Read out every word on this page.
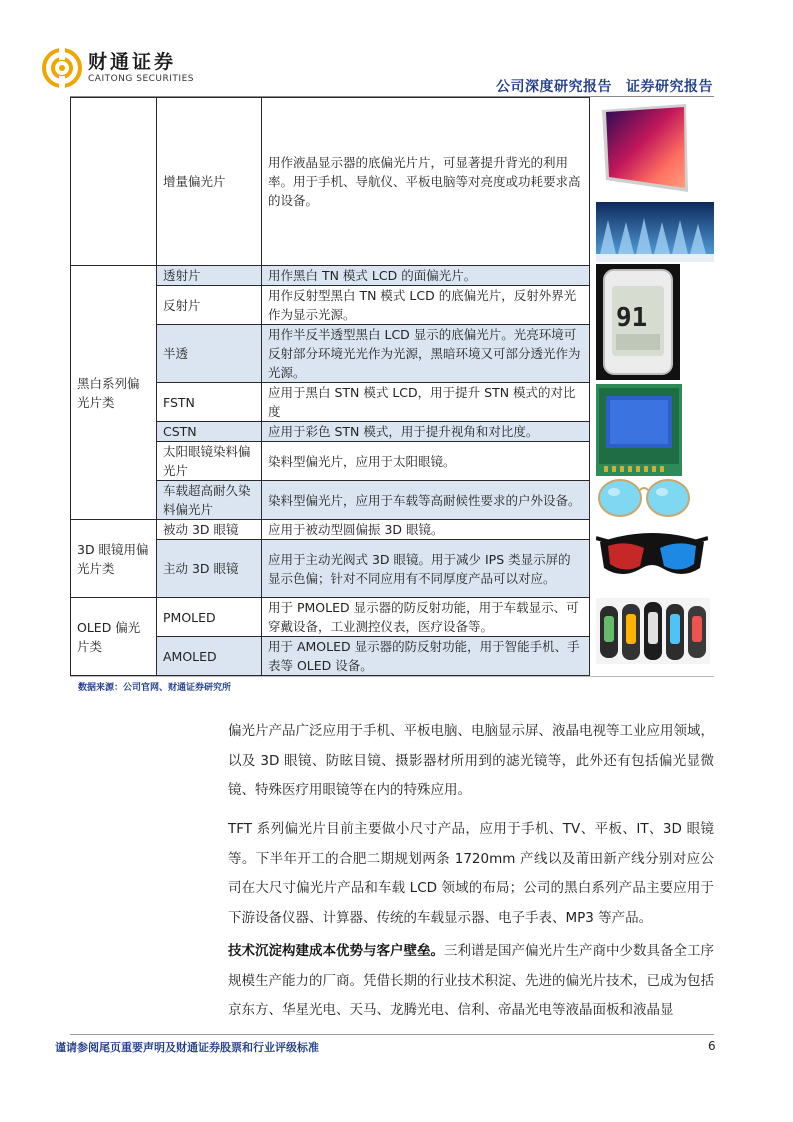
财通证券
CAITONG SECURITIES	公司深度研究报告 证券研究报告
	增量偏光片	用作液晶显示器的底偏光片片，可显著提升背光的利用率。用于手机、导航仪、平板电脑等对亮度或功耗要求高的设备。
黑白系列偏光片类	透射片	用作黑白 TN 模式 LCD 的面偏光片。
	反射片	用作反射型黑白 TN 模式 LCD 的底偏光片，反射外界光作为显示光源。
	半透	用作半反半透型黑白 LCD 显示的底偏光片。光亮环境可反射部分环境光光作为光源，黑暗环境又可部分透光作为光源。
	FSTN	应用于黑白 STN 模式 LCD，用于提升 STN 模式的对比度
	CSTN	应用于彩色 STN 模式，用于提升视角和对比度。
	太阳眼镜染料偏光片	染料型偏光片，应用于太阳眼镜。
	车载超高耐久染料偏光片	染料型偏光片，应用于车载等高耐候性要求的户外设备。
3D 眼镜用偏光片类	被动 3D 眼镜	应用于被动型圆偏振 3D 眼镜。
	主动 3D 眼镜	应用于主动光阀式 3D 眼镜。用于减少 IPS 类显示屏的显示色偏；针对不同应用有不同厚度产品可以对应。
OLED 偏光片类	PMOLED	用于 PMOLED 显示器的防反射功能，用于车载显示、可穿戴设备，工业测控仪表，医疗设备等。
	AMOLED	用于 AMOLED 显示器的防反射功能，用于智能手机、手表等 OLED 设备。
91
数据来源：公司官网、财通证券研究所
偏光片产品广泛应用于手机、平板电脑、电脑显示屏、液晶电视等工业应用领域，以及 3D 眼镜、防眩目镜、摄影器材所用到的滤光镜等，此外还有包括偏光显微镜、特殊医疗用眼镜等在内的特殊应用。
TFT 系列偏光片目前主要做小尺寸产品，应用于手机、TV、平板、IT、3D 眼镜等。下半年开工的合肥二期规划两条 1720mm 产线以及莆田新产线分别对应公司在大尺寸偏光片产品和车载 LCD 领域的布局；公司的黑白系列产品主要应用于下游设备仪器、计算器、传统的车载显示器、电子手表、MP3 等产品。
技术沉淀构建成本优势与客户壁垒。三利谱是国产偏光片生产商中少数具备全工序规模生产能力的厂商。凭借长期的行业技术积淀、先进的偏光片技术，已成为包括京东方、华星光电、天马、龙腾光电、信利、帝晶光电等液晶面板和液晶显
谨请参阅尾页重要声明及财通证券股票和行业评级标准	6
